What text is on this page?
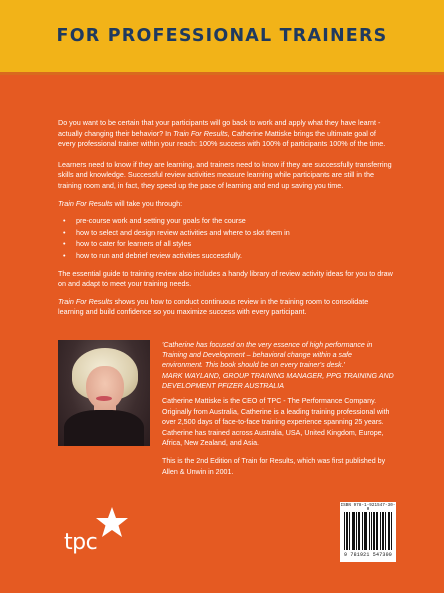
FOR PROFESSIONAL TRAINERS

Do you want to be certain that your participants will go back to work and apply what they have learnt - actually changing their behavior? In Train For Results, Catherine Mattiske brings the ultimate goal of every professional trainer within your reach: 100% success with 100% of participants 100% of the time.

Learners need to know if they are learning, and trainers need to know if they are successfully transferring skills and knowledge. Successful review activities measure learning while participants are still in the training room and, in fact, they speed up the pace of learning and end up saving you time.

Train For Results will take you through:

• pre-course work and setting your goals for the course
• how to select and design review activities and where to slot them in
• how to cater for learners of all styles
• how to run and debrief review activities successfully.

The essential guide to training review also includes a handy library of review activity ideas for you to draw on and adapt to meet your training needs.

Train For Results shows you how to conduct continuous review in the training room to consolidate learning and build confidence so you maximize success with every participant.

'Catherine has focused on the very essence of high performance in Training and Development – behavioral change within a safe environment. This book should be on every trainer's desk.'
MARK WAYLAND, GROUP TRAINING MANAGER, PPG TRAINING AND DEVELOPMENT PFIZER AUSTRALIA

Catherine Mattiske is the CEO of TPC - The Performance Company. Originally from Australia, Catherine is a leading training professional with over 2,500 days of face-to-face training experience spanning 25 years. Catherine has trained across Australia, USA, United Kingdom, Europe, Africa, New Zealand, and Asia.

This is the 2nd Edition of Train for Results, which was first published by Allen & Unwin in 2001.

tpc
ISBN 978-1-921547-30-0
9 781921 547300
